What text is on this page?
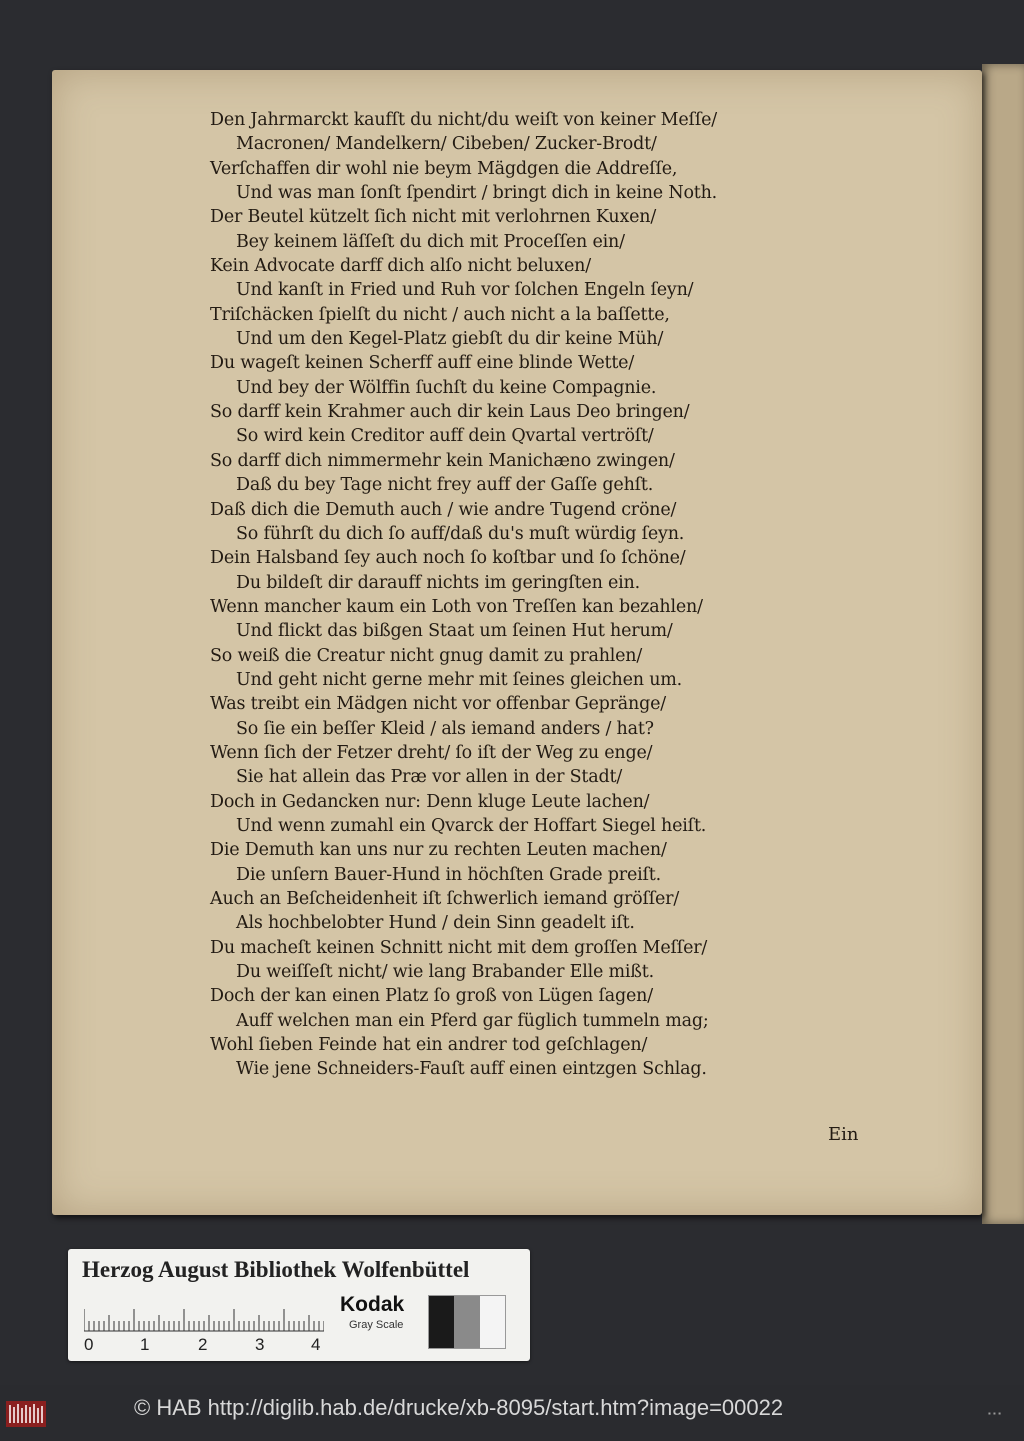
Den Jahrmarckt kaufſt du nicht/du weiſt von keiner Meſſe/
Macronen/ Mandelkern/ Cibeben/ Zucker-Brodt/
Verſchaffen dir wohl nie beym Mägdgen die Addreſſe,
Und was man ſonſt ſpendirt / bringt dich in keine Noth.
Der Beutel kützelt ſich nicht mit verlohrnen Kuxen/
Bey keinem läſſeſt du dich mit Proceſſen ein/
Kein Advocate darff dich alſo nicht beluxen/
Und kanſt in Fried und Ruh vor ſolchen Engeln ſeyn/
Triſchäcken ſpielſt du nicht / auch nicht a la baſſette,
Und um den Kegel-Platz giebſt du dir keine Müh/
Du wageſt keinen Scherff auff eine blinde Wette/
Und bey der Wölffin ſuchſt du keine Compagnie.
So darff kein Krahmer auch dir kein Laus Deo bringen/
So wird kein Creditor auff dein Qvartal vertröſt/
So darff dich nimmermehr kein Manichæno zwingen/
Daß du bey Tage nicht frey auff der Gaſſe gehſt.
Daß dich die Demuth auch / wie andre Tugend cröne/
So führſt du dich ſo auff/daß du's muſt würdig ſeyn.
Dein Halsband ſey auch noch ſo koſtbar und ſo ſchöne/
Du bildeſt dir darauff nichts im geringſten ein.
Wenn mancher kaum ein Loth von Treſſen kan bezahlen/
Und flickt das bißgen Staat um ſeinen Hut herum/
So weiß die Creatur nicht gnug damit zu prahlen/
Und geht nicht gerne mehr mit ſeines gleichen um.
Was treibt ein Mädgen nicht vor offenbar Gepränge/
So ſie ein beſſer Kleid / als iemand anders / hat?
Wenn ſich der Fetzer dreht/ ſo iſt der Weg zu enge/
Sie hat allein das Præ vor allen in der Stadt/
Doch in Gedancken nur: Denn kluge Leute lachen/
Und wenn zumahl ein Qvarck der Hoffart Siegel heiſt.
Die Demuth kan uns nur zu rechten Leuten machen/
Die unſern Bauer-Hund in höchſten Grade preiſt.
Auch an Beſcheidenheit iſt ſchwerlich iemand gröſſer/
Als hochbelobter Hund / dein Sinn geadelt iſt.
Du macheſt keinen Schnitt nicht mit dem groſſen Meſſer/
Du weiſſeſt nicht/ wie lang Brabander Elle mißt.
Doch der kan einen Platz ſo groß von Lügen ſagen/
Auff welchen man ein Pferd gar füglich tummeln mag;
Wohl ſieben Feinde hat ein andrer tod geſchlagen/
Wie jene Schneiders-Fauſt auff einen eintzgen Schlag.
Ein
Herzog August Bibliothek Wolfenbüttel
0	1	2	3	4
Kodak
Gray Scale
© HAB http://diglib.hab.de/drucke/xb-8095/start.htm?image=00022	▪ ▪ ▪
